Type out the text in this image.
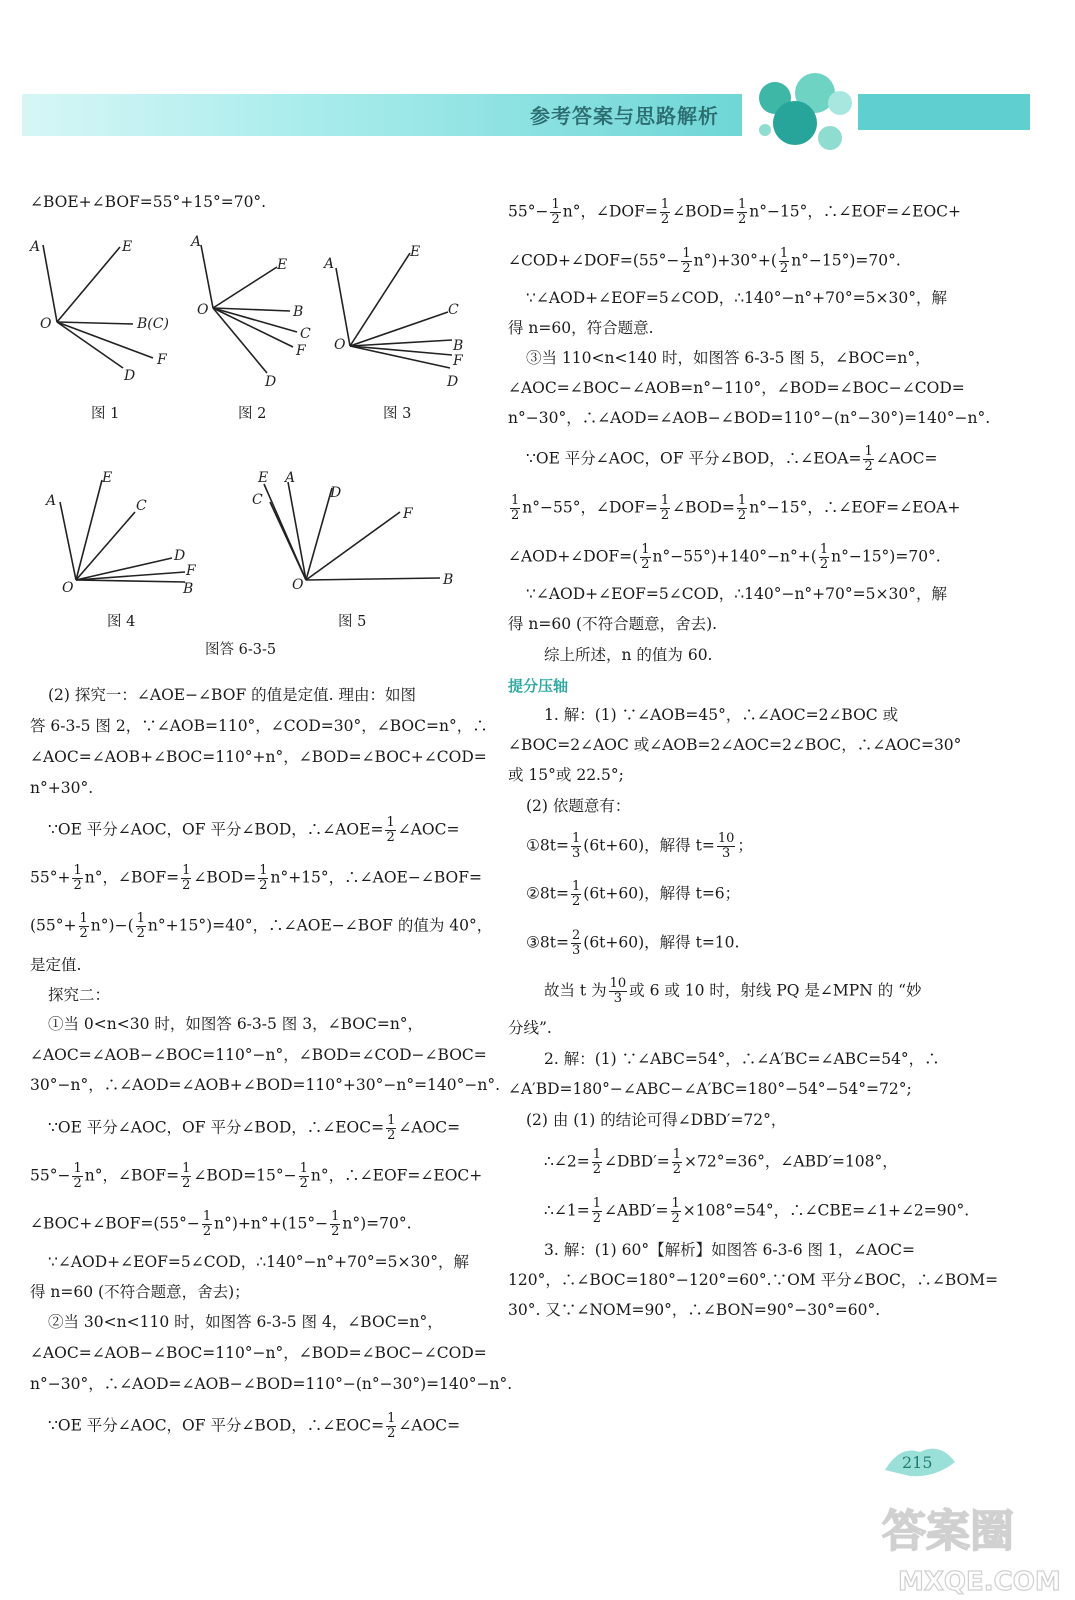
参考答案与思路解析
∠BOE+∠BOF=55°+15°=70°.
A	E
O	B(C)
F
D
图 1
A
E
O	B
C
F
D
图 2
A
E
O
C
B
F
D
图 3
A
E
C
O
D
F
B
图 4
E
C
A
D
F
O	B
图 5
图答 6-3-5
(2) 探究一：∠AOE−∠BOF 的值是定值. 理由：如图
答 6-3-5 图 2，∵∠AOB=110°，∠COD=30°，∠BOC=n°，∴
∠AOC=∠AOB+∠BOC=110°+n°，∠BOD=∠BOC+∠COD=
n°+30°.
∵OE 平分∠AOC，OF 平分∠BOD，∴∠AOE= $\frac{1}{2}$ ∠AOC=
$55^\circ+ \frac{1}{2} n^\circ$，∠BOF= $\frac{1}{2}$ ∠BOD= $\frac{1}{2} n^\circ+15^\circ$，∴∠AOE−∠BOF=
$(55^\circ+ \frac{1}{2} n^\circ)-( \frac{1}{2} n^\circ+15^\circ)=40^\circ$，∴∠AOE−∠BOF 的值为 40°，
是定值.
探究二：
①当 0<n<30 时，如图答 6-3-5 图 3，∠BOC=n°，
∠AOC=∠AOB−∠BOC=110°−n°，∠BOD=∠COD−∠BOC=
30°−n°，∴∠AOD=∠AOB+∠BOD=110°+30°−n°=140°−n°.
∵OE 平分∠AOC，OF 平分∠BOD，∴∠EOC= $\frac{1}{2}$ ∠AOC=
$55^\circ- \frac{1}{2} n^\circ$，∠BOF= $\frac{1}{2}$ ∠BOD=15°− $\frac{1}{2} n^\circ$，∴∠EOF=∠EOC+
∠BOC+∠BOF=(55°− $\frac{1}{2} n^\circ)+n^\circ+(15^\circ- \frac{1}{2} n^\circ)=70^\circ$.
∵∠AOD+∠EOF=5∠COD，∴140°−n°+70°=5×30°，解
得 n=60 (不符合题意，舍去)；
②当 30<n<110 时，如图答 6-3-5 图 4，∠BOC=n°，
∠AOC=∠AOB−∠BOC=110°−n°，∠BOD=∠BOC−∠COD=
n°−30°，∴∠AOD=∠AOB−∠BOD=110°−(n°−30°)=140°−n°.
∵OE 平分∠AOC，OF 平分∠BOD，∴∠EOC= $\frac{1}{2}$ ∠AOC=
$55^\circ- \frac{1}{2} n^\circ$，∠DOF= $\frac{1}{2}$ ∠BOD= $\frac{1}{2} n^\circ-15^\circ$，∴∠EOF=∠EOC+
∠COD+∠DOF=(55°− $\frac{1}{2} n^\circ)+30^\circ+( \frac{1}{2} n^\circ-15^\circ)=70^\circ$.
∵∠AOD+∠EOF=5∠COD，∴140°−n°+70°=5×30°，解
得 n=60，符合题意.
③当 110<n<140 时，如图答 6-3-5 图 5，∠BOC=n°，
∠AOC=∠BOC−∠AOB=n°−110°，∠BOD=∠BOC−∠COD=
n°−30°，∴∠AOD=∠AOB−∠BOD=110°−(n°−30°)=140°−n°.
∵OE 平分∠AOC，OF 平分∠BOD，∴∠EOA= $\frac{1}{2}$ ∠AOC=
$\frac{1}{2} n^\circ-55^\circ$，∠DOF= $\frac{1}{2}$ ∠BOD= $\frac{1}{2} n^\circ-15^\circ$，∴∠EOF=∠EOA+
∠AOD+∠DOF=( $\frac{1}{2} n^\circ-55^\circ)+140^\circ-n^\circ+( \frac{1}{2} n^\circ-15^\circ)=70^\circ$.
∵∠AOD+∠EOF=5∠COD，∴140°−n°+70°=5×30°，解
得 n=60 (不符合题意，舍去).
综上所述，n 的值为 60.
提分压轴
1. 解：(1) ∵∠AOB=45°，∴∠AOC=2∠BOC 或
∠BOC=2∠AOC 或∠AOB=2∠AOC=2∠BOC，∴∠AOC=30°
或 15°或 22.5°;
(2) 依题意有：
①8t= $\frac{1}{3} (6t+60)$，解得 $t= \frac{10}{3}$ ；
②8t= $\frac{1}{2} (6t+60)$，解得 t=6；
③8t= $\frac{2}{3} (6t+60)$，解得 t=10.
故当 t 为 $\frac{10}{3}$ 或 6 或 10 时，射线 PQ 是∠MPN 的 “妙
分线”.
2. 解：(1) ∵∠ABC=54°，∴∠A′BC=∠ABC=54°，∴
∠A′BD=180°−∠ABC−∠A′BC=180°−54°−54°=72°;
(2) 由 (1) 的结论可得∠DBD′=72°，
∴∠2= $\frac{1}{2}$ ∠DBD′= $\frac{1}{2} \times 72^\circ=36^\circ$，∠ABD′=108°，
∴∠1= $\frac{1}{2}$ ∠ABD′= $\frac{1}{2} \times 108^\circ=54^\circ$，∴∠CBE=∠1+∠2=90°.
3. 解：(1) 60°【解析】如图答 6-3-6 图 1，∠AOC=
120°，∴∠BOC=180°−120°=60°.∵OM 平分∠BOC，∴∠BOM=
30°. 又∵∠NOM=90°，∴∠BON=90°−30°=60°.
215
答案圈
MXQE.COM
